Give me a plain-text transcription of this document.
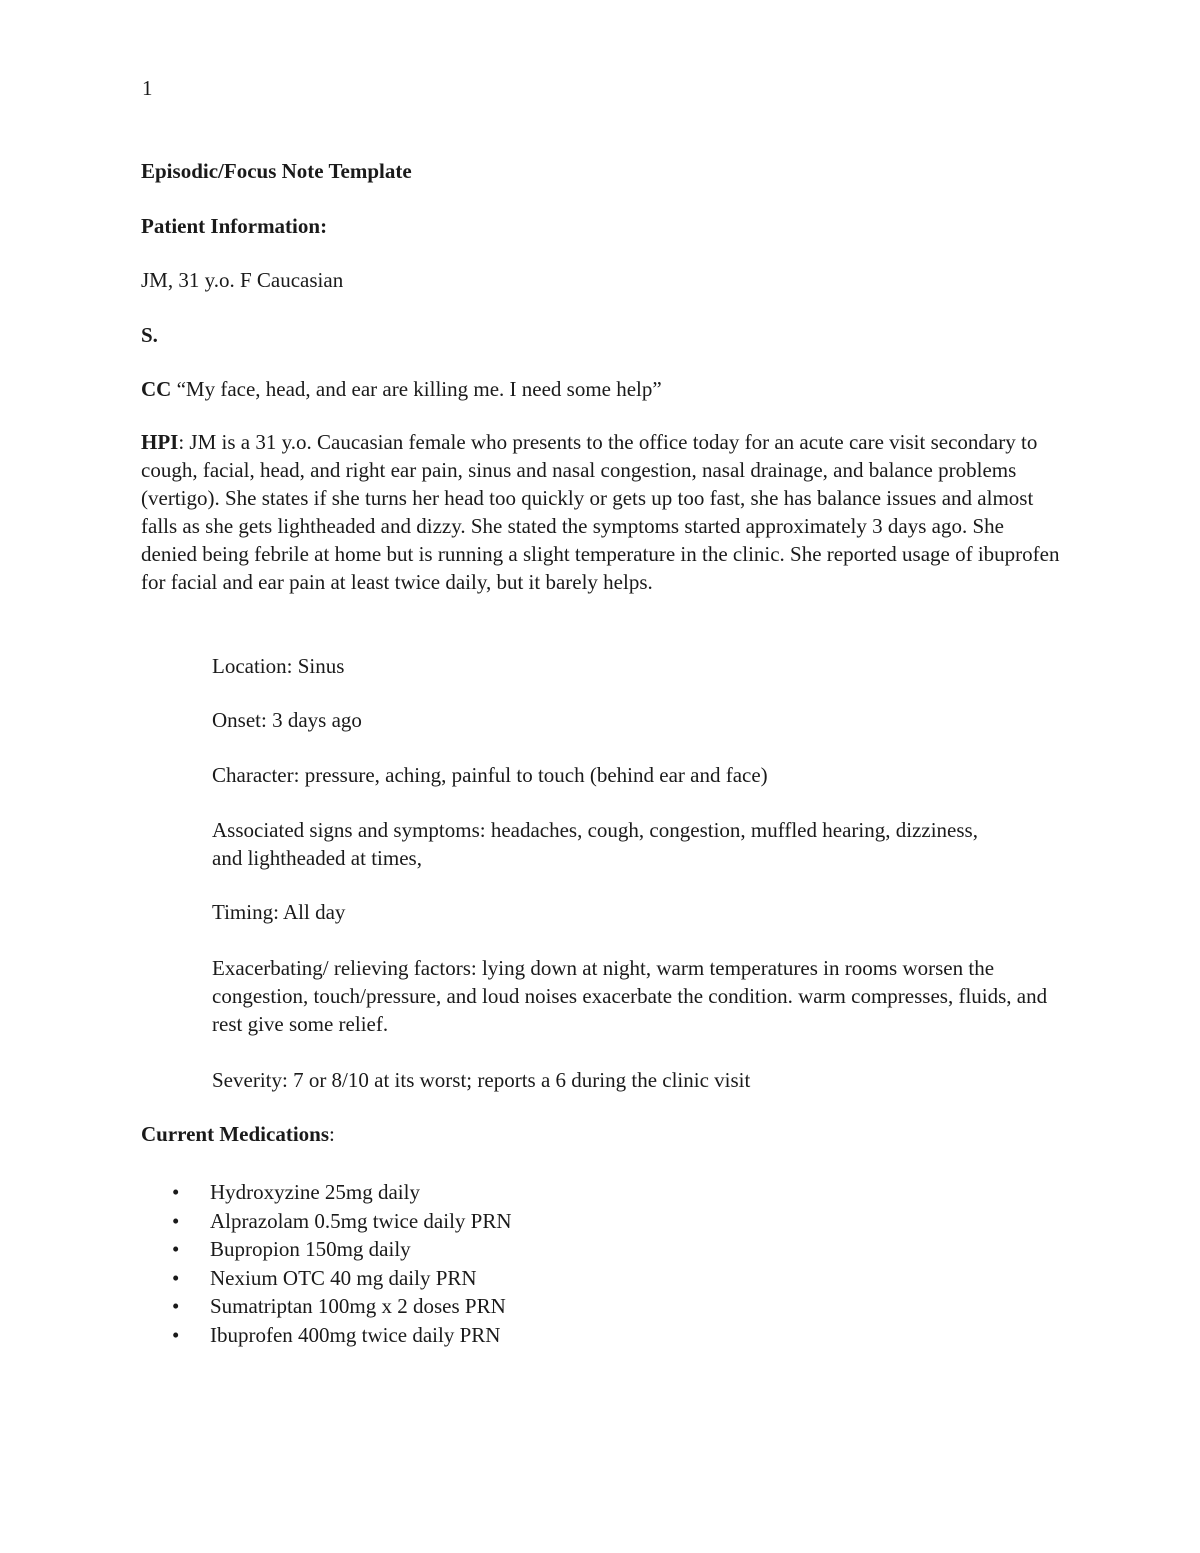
1
Episodic/Focus Note Template
Patient Information:
JM, 31 y.o. F Caucasian
S.
CC “My face, head, and ear are killing me. I need some help”

HPI: JM is a 31 y.o. Caucasian female who presents to the office today for an acute care visit secondary to cough, facial, head, and right ear pain, sinus and nasal congestion, nasal drainage, and balance problems (vertigo). She states if she turns her head too quickly or gets up too fast, she has balance issues and almost falls as she gets lightheaded and dizzy. She stated the symptoms started approximately 3 days ago. She denied being febrile at home but is running a slight temperature in the clinic. She reported usage of ibuprofen for facial and ear pain at least twice daily, but it barely helps.

Location: Sinus
Onset: 3 days ago
Character: pressure, aching, painful to touch (behind ear and face)
Associated signs and symptoms: headaches, cough, congestion, muffled hearing, dizziness, and lightheaded at times,
Timing: All day
Exacerbating/ relieving factors: lying down at night, warm temperatures in rooms worsen the congestion, touch/pressure, and loud noises exacerbate the condition. warm compresses, fluids, and rest give some relief.
Severity: 7 or 8/10 at its worst; reports a 6 during the clinic visit
Current Medications:
• Hydroxyzine 25mg daily
• Alprazolam 0.5mg twice daily PRN
• Bupropion 150mg daily
• Nexium OTC 40 mg daily PRN
• Sumatriptan 100mg x 2 doses PRN
• Ibuprofen 400mg twice daily PRN
